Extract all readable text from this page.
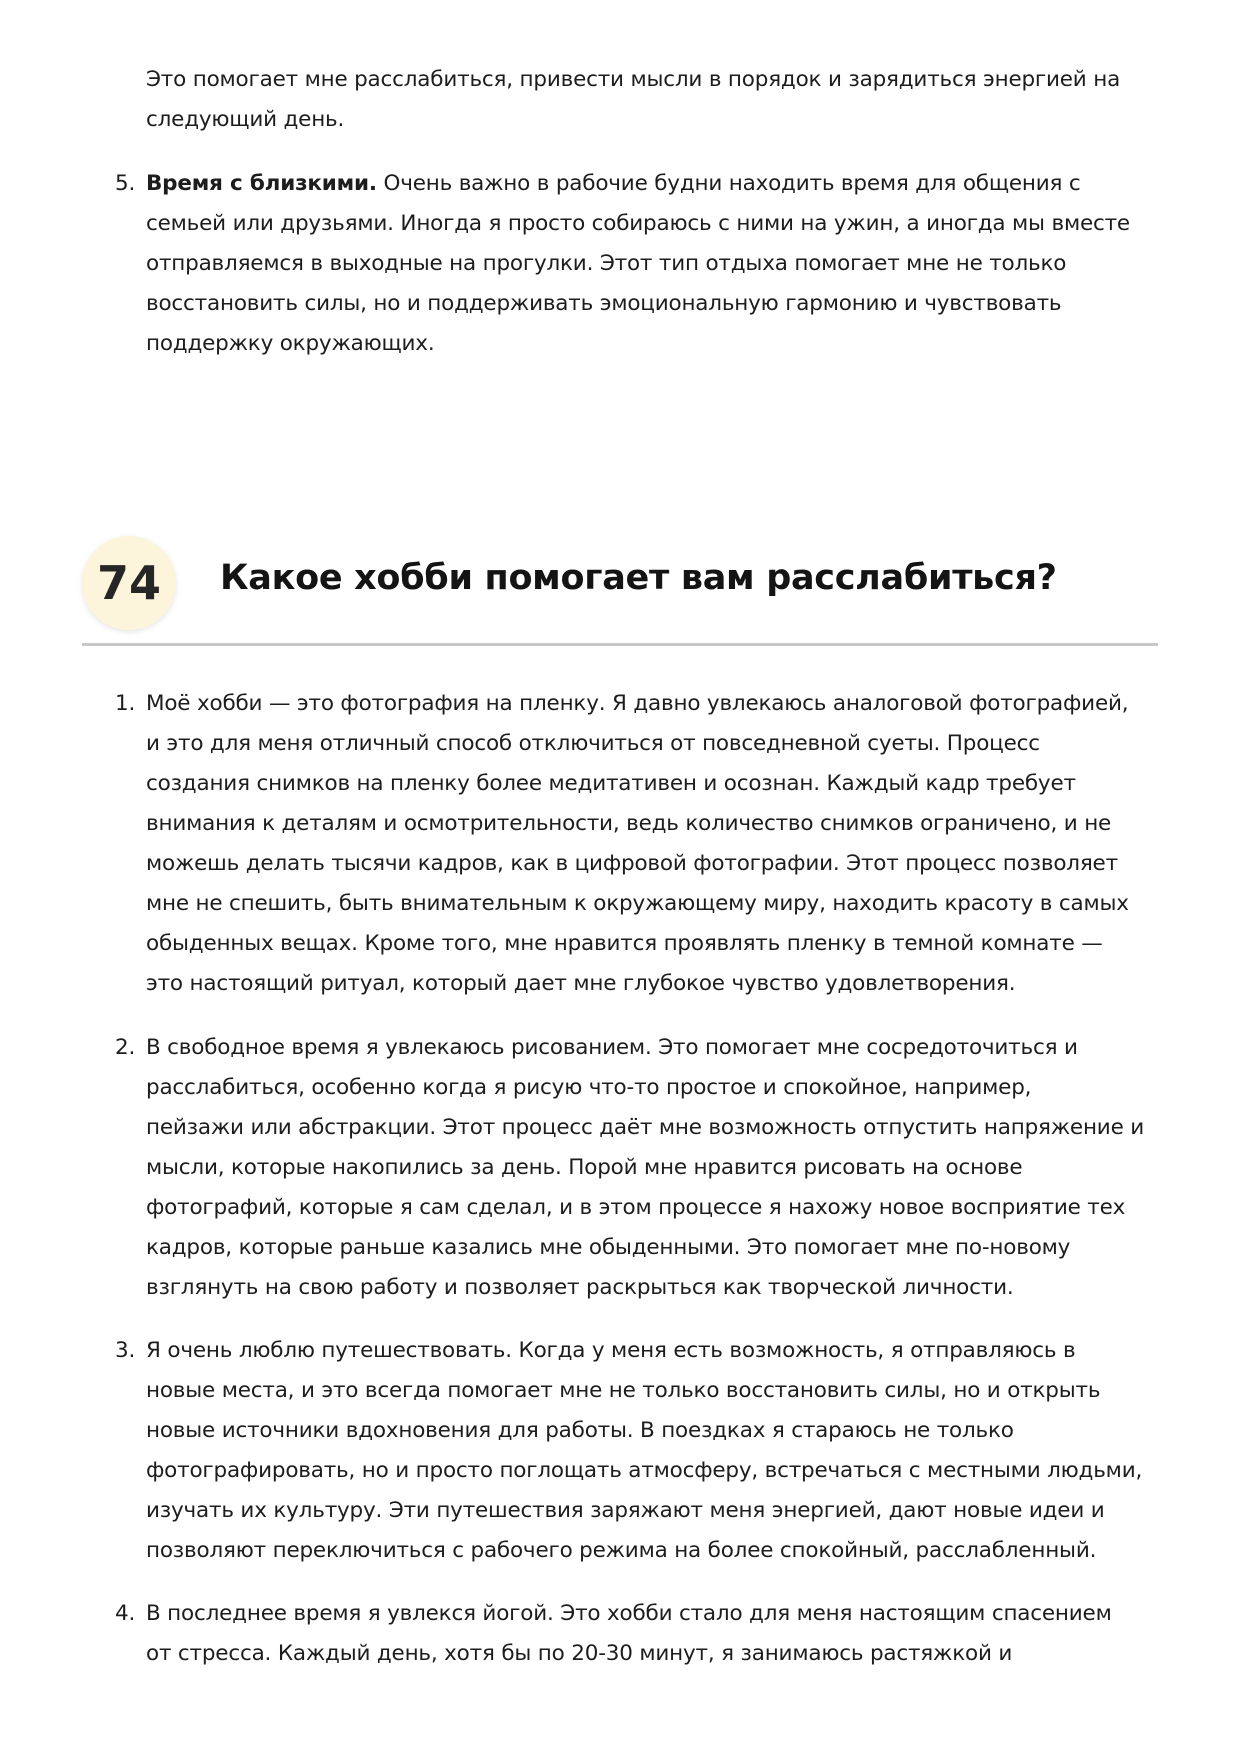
Это помогает мне расслабиться, привести мысли в порядок и зарядиться энергией на
следующий день.
5. Время с близкими. Очень важно в рабочие будни находить время для общения с
семьей или друзьями. Иногда я просто собираюсь с ними на ужин, а иногда мы вместе
отправляемся в выходные на прогулки. Этот тип отдыха помогает мне не только
восстановить силы, но и поддерживать эмоциональную гармонию и чувствовать
поддержку окружающих.
74	Какое хобби помогает вам расслабиться?
1. Моё хобби — это фотография на пленку. Я давно увлекаюсь аналоговой фотографией,
и это для меня отличный способ отключиться от повседневной суеты. Процесс
создания снимков на пленку более медитативен и осознан. Каждый кадр требует
внимания к деталям и осмотрительности, ведь количество снимков ограничено, и не
можешь делать тысячи кадров, как в цифровой фотографии. Этот процесс позволяет
мне не спешить, быть внимательным к окружающему миру, находить красоту в самых
обыденных вещах. Кроме того, мне нравится проявлять пленку в темной комнате —
это настоящий ритуал, который дает мне глубокое чувство удовлетворения.
2. В свободное время я увлекаюсь рисованием. Это помогает мне сосредоточиться и
расслабиться, особенно когда я рисую что-то простое и спокойное, например,
пейзажи или абстракции. Этот процесс даёт мне возможность отпустить напряжение и
мысли, которые накопились за день. Порой мне нравится рисовать на основе
фотографий, которые я сам сделал, и в этом процессе я нахожу новое восприятие тех
кадров, которые раньше казались мне обыденными. Это помогает мне по-новому
взглянуть на свою работу и позволяет раскрыться как творческой личности.
3. Я очень люблю путешествовать. Когда у меня есть возможность, я отправляюсь в
новые места, и это всегда помогает мне не только восстановить силы, но и открыть
новые источники вдохновения для работы. В поездках я стараюсь не только
фотографировать, но и просто поглощать атмосферу, встречаться с местными людьми,
изучать их культуру. Эти путешествия заряжают меня энергией, дают новые идеи и
позволяют переключиться с рабочего режима на более спокойный, расслабленный.
4. В последнее время я увлекся йогой. Это хобби стало для меня настоящим спасением
от стресса. Каждый день, хотя бы по 20-30 минут, я занимаюсь растяжкой и
